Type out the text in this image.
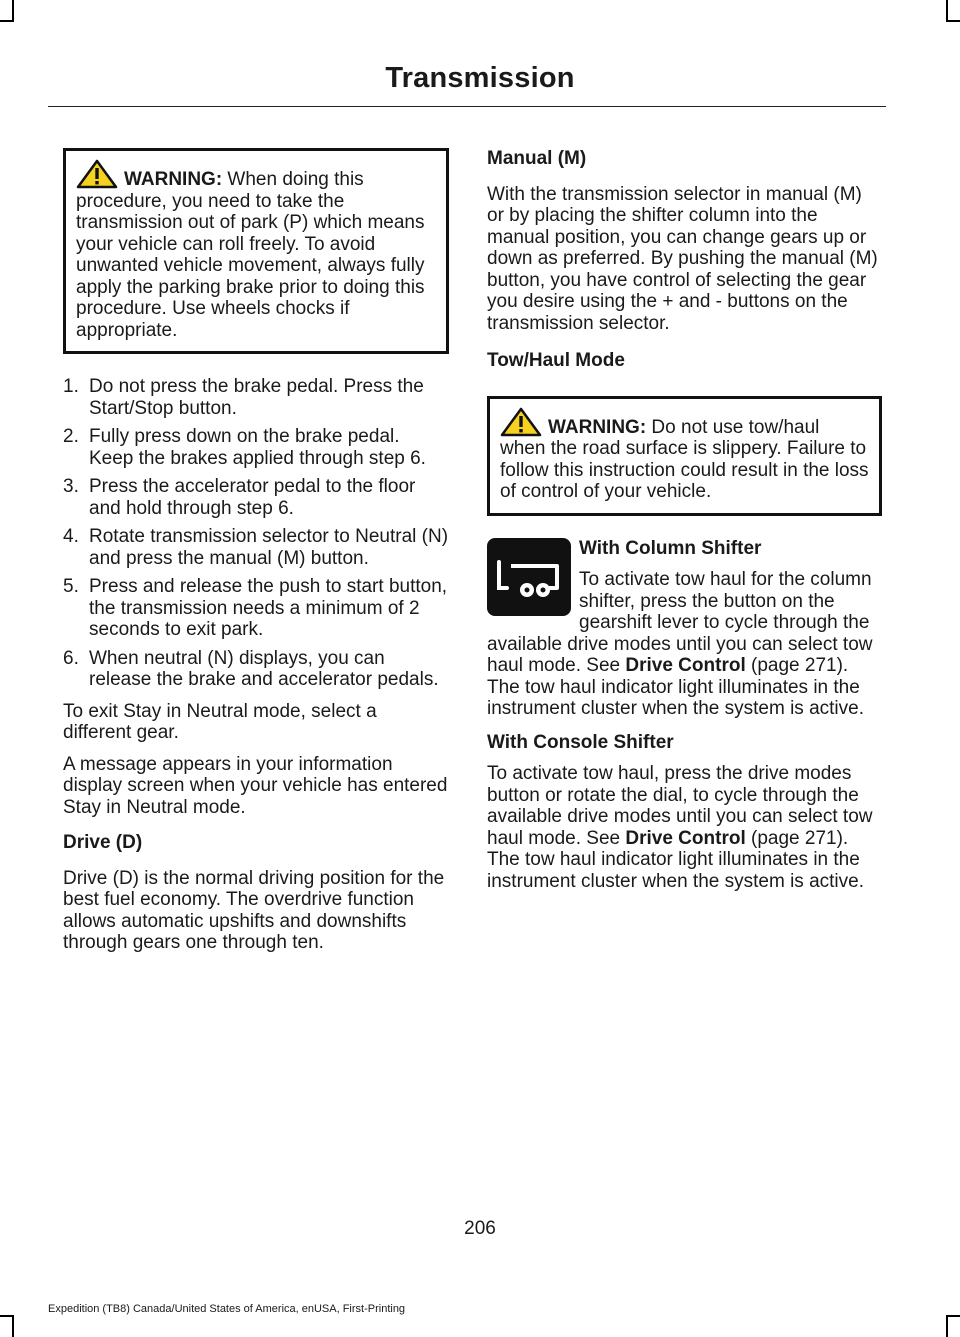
Transmission
WARNING: When doing this procedure, you need to take the transmission out of park (P) which means your vehicle can roll freely. To avoid unwanted vehicle movement, always fully apply the parking brake prior to doing this procedure. Use wheels chocks if appropriate.
1. Do not press the brake pedal. Press the Start/Stop button.
2. Fully press down on the brake pedal. Keep the brakes applied through step 6.
3. Press the accelerator pedal to the floor and hold through step 6.
4. Rotate transmission selector to Neutral (N) and press the manual (M) button.
5. Press and release the push to start button, the transmission needs a minimum of 2 seconds to exit park.
6. When neutral (N) displays, you can release the brake and accelerator pedals.

To exit Stay in Neutral mode, select a different gear.

A message appears in your information display screen when your vehicle has entered Stay in Neutral mode.

Drive (D)

Drive (D) is the normal driving position for the best fuel economy. The overdrive function allows automatic upshifts and downshifts through gears one through ten.

Manual (M)

With the transmission selector in manual (M) or by placing the shifter column into the manual position, you can change gears up or down as preferred. By pushing the manual (M) button, you have control of selecting the gear you desire using the + and - buttons on the transmission selector.

Tow/Haul Mode

WARNING: Do not use tow/haul when the road surface is slippery. Failure to follow this instruction could result in the loss of control of your vehicle.

With Column Shifter

To activate tow haul for the column shifter, press the button on the gearshift lever to cycle through the available drive modes until you can select tow haul mode. See Drive Control (page 271). The tow haul indicator light illuminates in the instrument cluster when the system is active.

With Console Shifter

To activate tow haul, press the drive modes button or rotate the dial, to cycle through the available drive modes until you can select tow haul mode. See Drive Control (page 271). The tow haul indicator light illuminates in the instrument cluster when the system is active.

206
Expedition (TB8) Canada/United States of America, enUSA, First-Printing
